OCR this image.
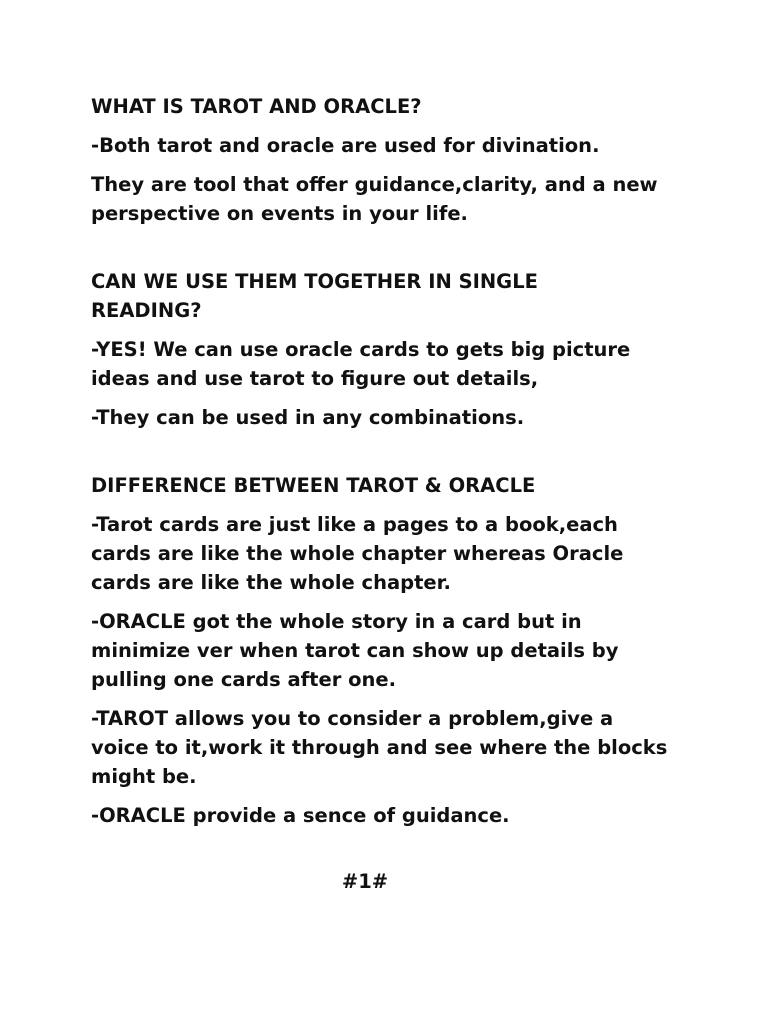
WHAT IS TAROT AND ORACLE?
-Both tarot and oracle are used for divination.
They are tool that offer guidance,clarity, and a new
perspective on events in your life.
CAN WE USE THEM TOGETHER IN SINGLE
READING?
-YES! We can use oracle cards to gets big picture
ideas and use tarot to figure out details,
-They can be used in any combinations.
DIFFERENCE BETWEEN TAROT & ORACLE
-Tarot cards are just like a pages to a book,each
cards are like the whole chapter whereas Oracle
cards are like the whole chapter.
-ORACLE got the whole story in a card but in
minimize ver when tarot can show up details by
pulling one cards after one.
-TAROT allows you to consider a problem,give a
voice to it,work it through and see where the blocks
might be.
-ORACLE provide a sence of guidance.
#1#
